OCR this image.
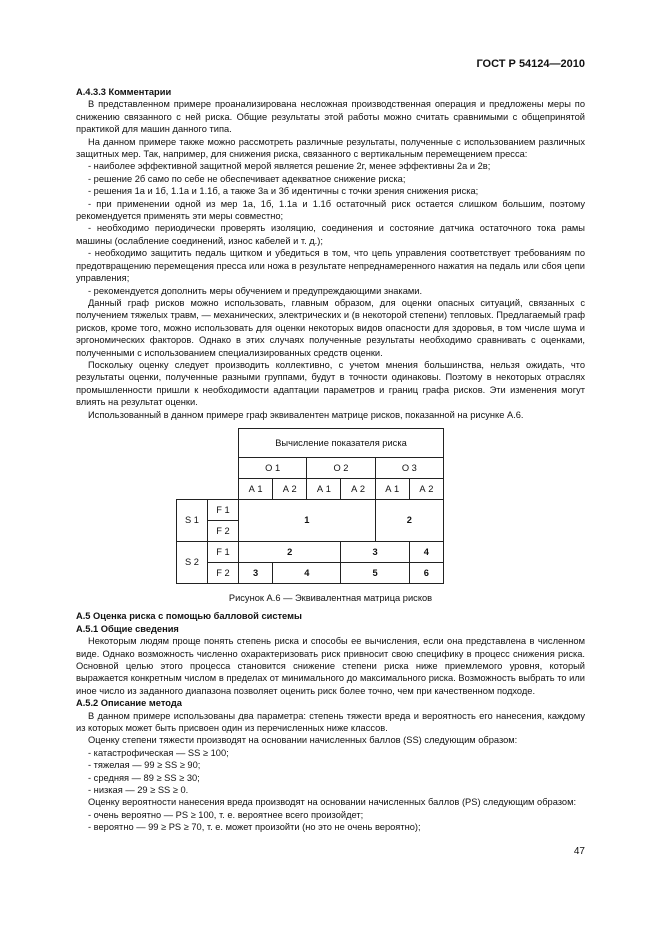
ГОСТ Р 54124—2010
А.4.3.3 Комментарии

В представленном примере проанализирована несложная производственная операция и предложены меры по снижению связанного с ней риска. Общие результаты этой работы можно считать сравнимыми с общепринятой практикой для машин данного типа.

На данном примере также можно рассмотреть различные результаты, полученные с использованием различных защитных мер. Так, например, для снижения риска, связанного с вертикальным перемещением пресса:

- наиболее эффективной защитной мерой является решение 2г, менее эффективны 2а и 2в;

- решение 2б само по себе не обеспечивает адекватное снижение риска;

- решения 1а и 1б, 1.1а и 1.1б, а также 3а и 3б идентичны с точки зрения снижения риска;

- при применении одной из мер 1а, 1б, 1.1а и 1.1б остаточный риск остается слишком большим, поэтому рекомендуется применять эти меры совместно;

- необходимо периодически проверять изоляцию, соединения и состояние датчика остаточного тока рамы машины (ослабление соединений, износ кабелей и т. д.);

- необходимо защитить педаль щитком и убедиться в том, что цепь управления соответствует требованиям по предотвращению перемещения пресса или ножа в результате непреднамеренного нажатия на педаль или сбоя цепи управления;

- рекомендуется дополнить меры обучением и предупреждающими знаками.

Данный граф рисков можно использовать, главным образом, для оценки опасных ситуаций, связанных с получением тяжелых травм, — механических, электрических и (в некоторой степени) тепловых. Предлагаемый граф рисков, кроме того, можно использовать для оценки некоторых видов опасности для здоровья, в том числе шума и эргономических факторов. Однако в этих случаях полученные результаты необходимо сравнивать с оценками, полученными с использованием специализированных средств оценки.

Поскольку оценку следует производить коллективно, с учетом мнения большинства, нельзя ожидать, что результаты оценки, полученные разными группами, будут в точности одинаковы. Поэтому в некоторых отраслях промышленности пришли к необходимости адаптации параметров и границ графа рисков. Эти изменения могут влиять на результат оценки.

Использованный в данном примере граф эквивалентен матрице рисков, показанной на рисунке А.6.

		Вычисление показателя риска					
		О 1		О 2		О 3	
		А 1	А 2	А 1	А 2	А 1	А 2
S 1	F 1	1				2	
	F 2						
S 2	F 1	2			3		4
	F 2	3	4		5		6
Рисунок А.6 — Эквивалентная матрица рисков
А.5 Оценка риска с помощью балловой системы
А.5.1 Общие сведения

Некоторым людям проще понять степень риска и способы ее вычисления, если она представлена в численном виде. Однако возможность численно охарактеризовать риск привносит свою специфику в процесс снижения риска. Основной целью этого процесса становится снижение степени риска ниже приемлемого уровня, который выражается конкретным числом в пределах от минимального до максимального риска. Возможность выбрать то или иное число из заданного диапазона позволяет оценить риск более точно, чем при качественном подходе.

А.5.2 Описание метода

В данном примере использованы два параметра: степень тяжести вреда и вероятность его нанесения, каждому из которых может быть присвоен один из перечисленных ниже классов.

Оценку степени тяжести производят на основании начисленных баллов (SS) следующим образом:

- катастрофическая — SS ≥ 100;

- тяжелая — 99 ≥ SS ≥ 90;

- средняя — 89 ≥ SS ≥ 30;

- низкая — 29 ≥ SS ≥ 0.

Оценку вероятности нанесения вреда производят на основании начисленных баллов (PS) следующим образом:

- очень вероятно — PS ≥ 100, т. е. вероятнее всего произойдет;

- вероятно — 99 ≥ PS ≥ 70, т. е. может произойти (но это не очень вероятно);

47
